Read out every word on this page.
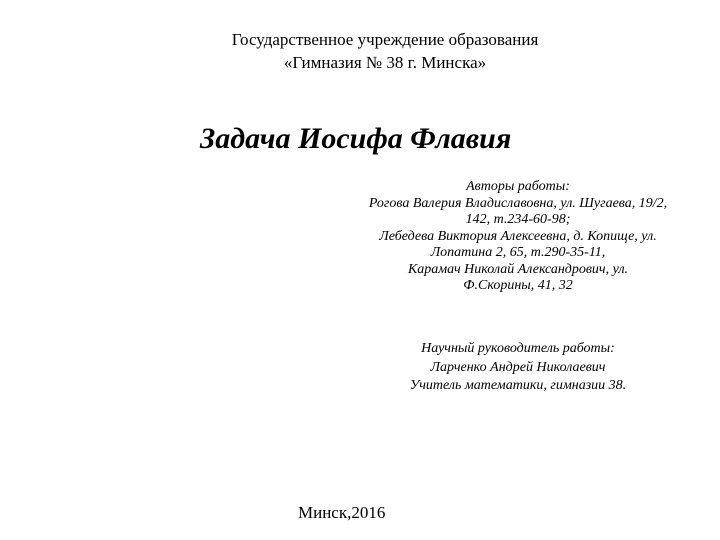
Государственное учреждение образования
«Гимназия № 38 г. Минска»
Задача Иосифа Флавия
Авторы работы:
Рогова Валерия Владиславовна, ул. Шугаева, 19/2,
142, т.234-60-98;
Лебедева Виктория Алексеевна, д. Копище, ул.
Лопатина 2, 65, т.290-35-11,
Карамач Николай Александрович, ул.
Ф.Скорины, 41, 32
Научный руководитель работы:
Ларченко Андрей Николаевич
Учитель математики, гимназии 38.
Минск,2016
